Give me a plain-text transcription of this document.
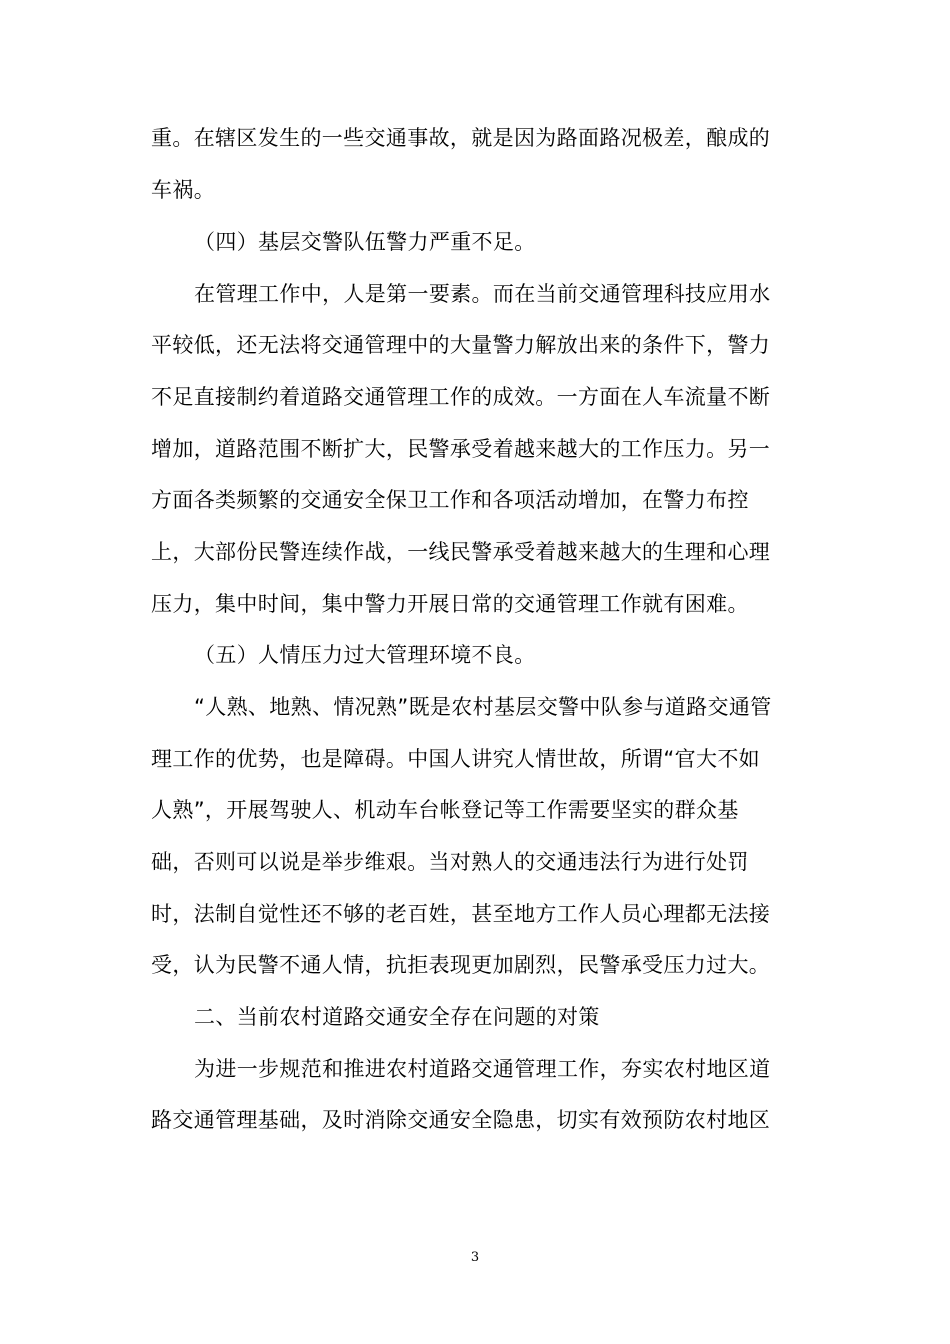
重。在辖区发生的一些交通事故，就是因为路面路况极差，酿成的
车祸。
（四）基层交警队伍警力严重不足。
在管理工作中，人是第一要素。而在当前交通管理科技应用水
平较低，还无法将交通管理中的大量警力解放出来的条件下，警力
不足直接制约着道路交通管理工作的成效。一方面在人车流量不断
增加，道路范围不断扩大，民警承受着越来越大的工作压力。另一
方面各类频繁的交通安全保卫工作和各项活动增加，在警力布控
上，大部份民警连续作战，一线民警承受着越来越大的生理和心理
压力，集中时间，集中警力开展日常的交通管理工作就有困难。
（五）人情压力过大管理环境不良。
“人熟、地熟、情况熟”既是农村基层交警中队参与道路交通管
理工作的优势，也是障碍。中国人讲究人情世故，所谓“官大不如
人熟”，开展驾驶人、机动车台帐登记等工作需要坚实的群众基
础，否则可以说是举步维艰。当对熟人的交通违法行为进行处罚
时，法制自觉性还不够的老百姓，甚至地方工作人员心理都无法接
受，认为民警不通人情，抗拒表现更加剧烈，民警承受压力过大。
二、当前农村道路交通安全存在问题的对策
为进一步规范和推进农村道路交通管理工作，夯实农村地区道
路交通管理基础，及时消除交通安全隐患，切实有效预防农村地区
3
